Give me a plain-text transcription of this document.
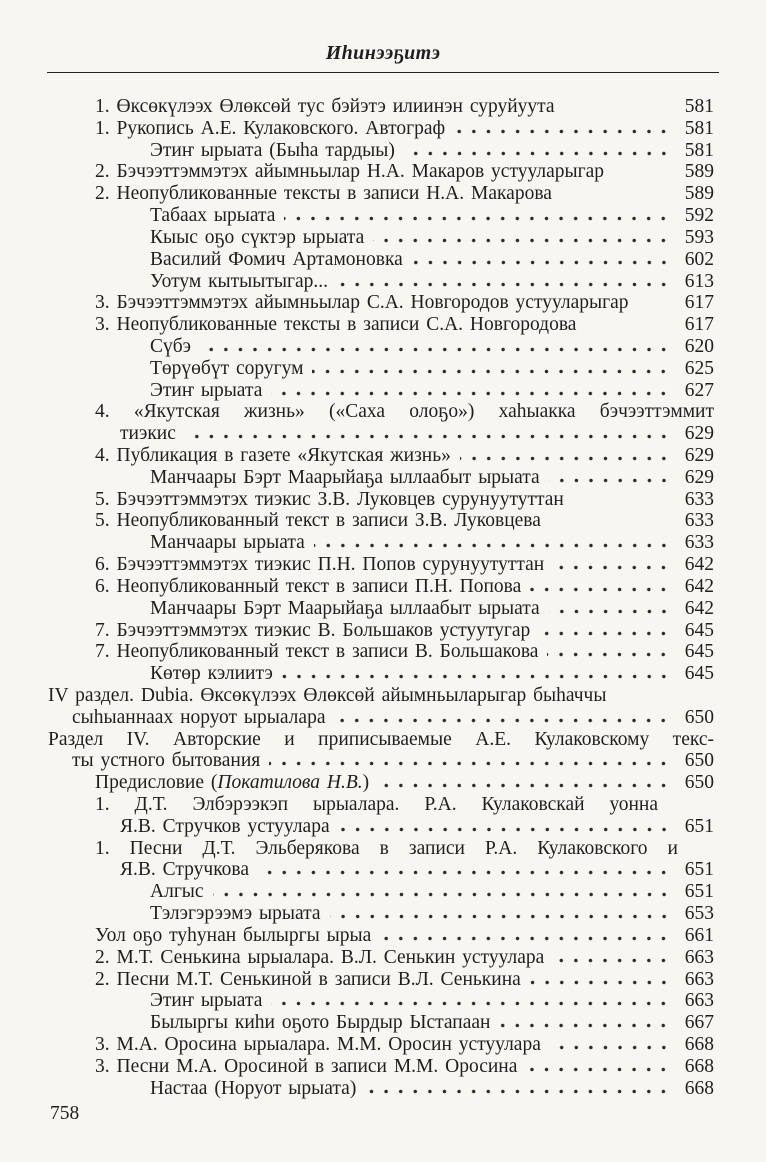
Иһинээҕитэ
1. Өксөкүлээх Өлөксөй тус бэйэтэ илиинэн суруйуута	581
1. Рукопись А.Е. Кулаковского. Автограф	581
Этиҥ ырыата (Быһа тардыы)	581
2. Бэчээттэммэтэх айымньылар Н.А. Макаров устууларыгар	589
2. Неопубликованные тексты в записи Н.А. Макарова	589
Табаах ырыата	592
Кыыс оҕо сүктэр ырыата	593
Василий Фомич Артамоновка	602
Уотум кытыытыгар...	613
3. Бэчээттэммэтэх айымньылар С.А. Новгородов устууларыгар	617
3. Неопубликованные тексты в записи С.А. Новгородова	617
Сүбэ	620
Төрүөбүт соругум	625
Этиҥ ырыата	627
4. «Якутская жизнь» («Саха олоҕо») хаһыакка бэчээттэммит
тиэкис	629
4. Публикация в газете «Якутская жизнь»	629
Манчаары Бэрт Маарыйаҕа ыллаабыт ырыата	629
5. Бэчээттэммэтэх тиэкис З.В. Луковцев сурунуутуттан	633
5. Неопубликованный текст в записи З.В. Луковцева	633
Манчаары ырыата	633
6. Бэчээттэммэтэх тиэкис П.Н. Попов сурунуутуттан	642
6. Неопубликованный текст в записи П.Н. Попова	642
Манчаары Бэрт Маарыйаҕа ыллаабыт ырыата	642
7. Бэчээттэммэтэх тиэкис В. Большаков устуутугар	645
7. Неопубликованный текст в записи В. Большакова	645
Көтөр кэлиитэ	645
IV раздел. Dubia. Өксөкүлээх Өлөксөй айымньыларыгар быһаччы
сыһыаннаах норуот ырыалара	650
Раздел IV. Авторские и приписываемые А.Е. Кулаковскому текс-
ты устного бытования	650
Предисловие (Покатилова Н.В.)	650
1. Д.Т. Элбэрээкэп ырыалара. Р.А. Кулаковскай уонна
Я.В. Стручков устуулара	651
1. Песни Д.Т. Эльберякова в записи Р.А. Кулаковского и
Я.В. Стручкова	651
Алгыс	651
Тэлэгэрээмэ ырыата	653
Уол оҕо туһунан былыргы ырыа	661
2. М.Т. Сенькина ырыалара. В.Л. Сенькин устуулара	663
2. Песни М.Т. Сенькиной в записи В.Л. Сенькина	663
Этиҥ ырыата	663
Былыргы киһи оҕото Бырдыр Ыстапаан	667
3. М.А. Оросина ырыалара. М.М. Оросин устуулара	668
3. Песни М.А. Оросиной в записи М.М. Оросина	668
Настаа (Норуот ырыата)	668
758
